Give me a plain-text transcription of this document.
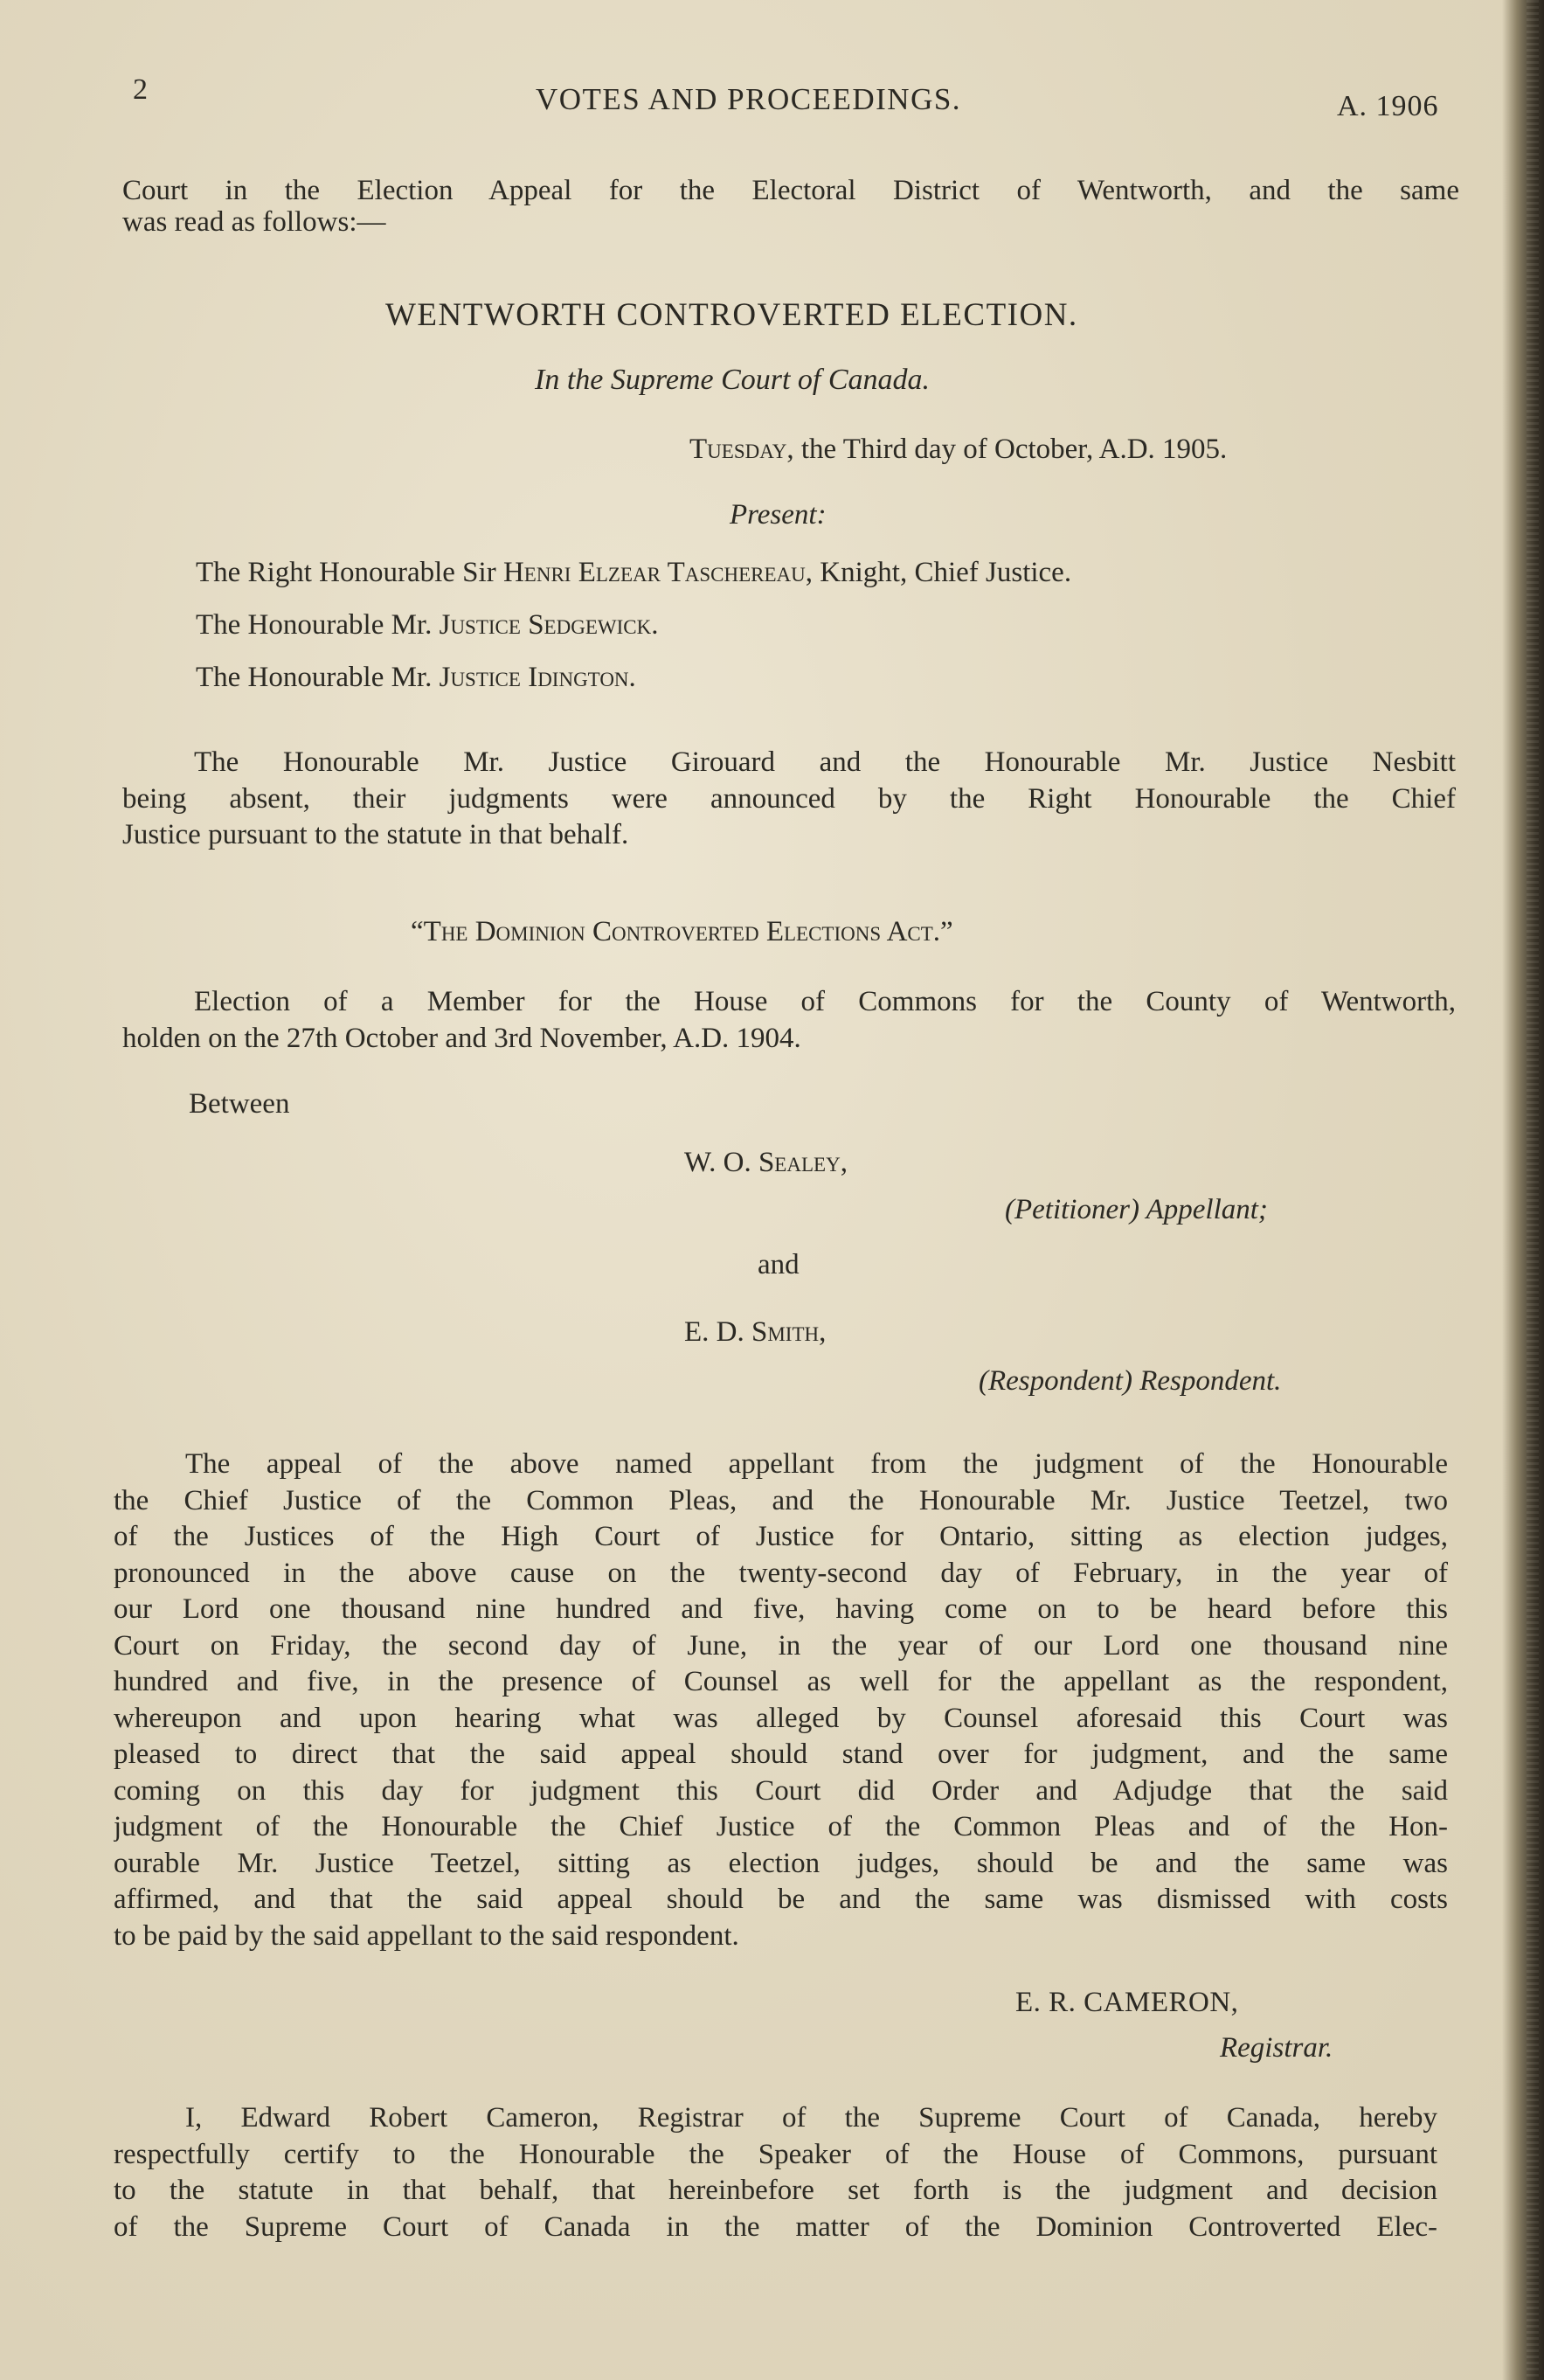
2	VOTES AND PROCEEDINGS.	A. 1906
Court in the Election Appeal for the Electoral District of Wentworth, and the same
was read as follows:—
WENTWORTH CONTROVERTED ELECTION.
In the Supreme Court of Canada.
Tuesday, the Third day of October, A.D. 1905.
Present:
The Right Honourable Sir Henri Elzear Taschereau, Knight, Chief Justice.
The Honourable Mr. Justice Sedgewick.
The Honourable Mr. Justice Idington.
The Honourable Mr. Justice Girouard and the Honourable Mr. Justice Nesbitt
being absent, their judgments were announced by the Right Honourable the Chief
Justice pursuant to the statute in that behalf.
“The Dominion Controverted Elections Act.”
Election of a Member for the House of Commons for the County of Wentworth,
holden on the 27th October and 3rd November, A.D. 1904.
Between
W. O. Sealey,
(Petitioner) Appellant;
and
E. D. Smith,
(Respondent) Respondent.
The appeal of the above named appellant from the judgment of the Honourable
the Chief Justice of the Common Pleas, and the Honourable Mr. Justice Teetzel, two
of the Justices of the High Court of Justice for Ontario, sitting as election judges,
pronounced in the above cause on the twenty-second day of February, in the year of
our Lord one thousand nine hundred and five, having come on to be heard before this
Court on Friday, the second day of June, in the year of our Lord one thousand nine
hundred and five, in the presence of Counsel as well for the appellant as the respondent,
whereupon and upon hearing what was alleged by Counsel aforesaid this Court was
pleased to direct that the said appeal should stand over for judgment, and the same
coming on this day for judgment this Court did Order and Adjudge that the said
judgment of the Honourable the Chief Justice of the Common Pleas and of the Hon-
ourable Mr. Justice Teetzel, sitting as election judges, should be and the same was
affirmed, and that the said appeal should be and the same was dismissed with costs
to be paid by the said appellant to the said respondent.
E. R. CAMERON,
Registrar.
I, Edward Robert Cameron, Registrar of the Supreme Court of Canada, hereby
respectfully certify to the Honourable the Speaker of the House of Commons, pursuant
to the statute in that behalf, that hereinbefore set forth is the judgment and decision
of the Supreme Court of Canada in the matter of the Dominion Controverted Elec-
